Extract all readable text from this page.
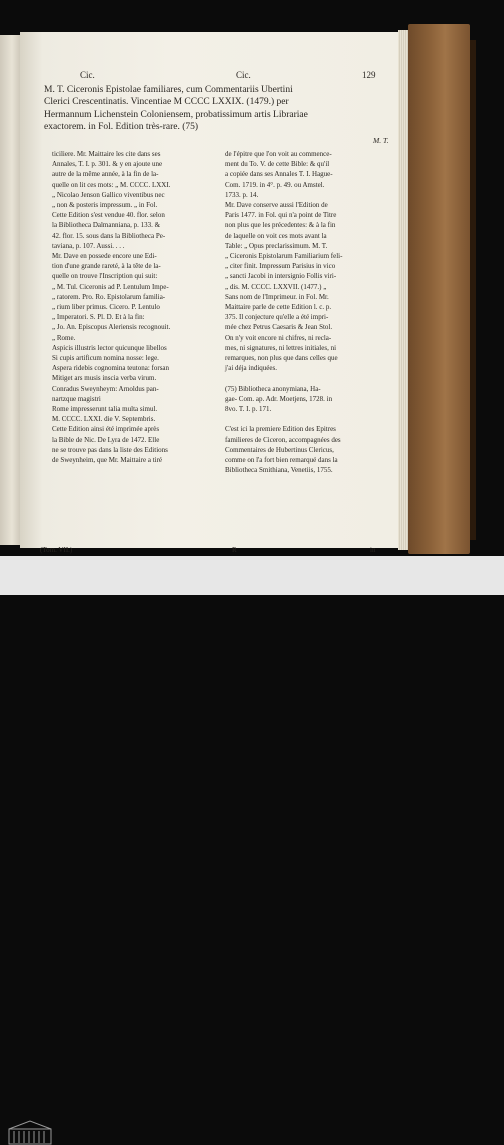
Cic.	Cic.	129
M. T. Ciceronis Epistolae familiares, cum Commentariis Ubertini
Clerici Crescentinatis. Vincentiae M CCCC LXXIX. (1479.) per
Hermannum Lichenstein Coloniensem, probatissimum artis Librariae
exactorem. in Fol. Edition très-rare. (75)
M. T.
ticiliere. Mr. Maittaire les cite dans ses
Annales, T. I. p. 301. & y en ajoute une
autre de la même année, à la fin de la-
quelle on lit ces mots: „ M. CCCC. LXXI.
„ Nicolao Jenson Gallico viventibus nec
„ non & posteris impressum. „ in Fol.
Cette Edition s'est vendue 40. flor. selon
la Bibliotheca Dalmanniana, p. 133. &
42. flor. 15. sous dans la Bibliotheca Pe-
taviana, p. 107. Aussi. . . .
Mr. Dave en possede encore une Edi-
tion d'une grande rareté, à la tête de la-
quelle on trouve l'Inscription qui suit:
„ M. Tul. Ciceronis ad P. Lentulum Impe-
„ ratorem. Pro. Ro. Epistolarum familia-
„ rium liber primus. Cicero. P. Lentulo
„ Imperatori. S. Pl. D. Et à la fin:
„ Jo. An. Episcopus Aleriensis recognouit.
„ Rome.
Aspicis illustris lector quicunque libellos
Si cupis artificum nomina nosse: lege.
Aspera ridebis cognomina teutona: forsan
Mitiget ars musis inscia verba virum.
Conradus Sweynheym: Arnoldus pan-
nartzque magistri
Rome impresserunt talia multa simul.
M. CCCC. LXXI. die V. Septembris.
Cette Edition ainsi été imprimée après
la Bible de Nic. De Lyra de 1472. Elle
ne se trouve pas dans la liste des Editions
de Sweynheim, que Mr. Maittaire a tiré
de l'épitre que l'on voit au commence-
ment du To. V. de cette Bible: & qu'il
a copiée dans ses Annales T. I. Hague-
Com. 1719. in 4°. p. 49. ou Amstel.
1733. p. 14.
Mr. Dave conserve aussi l'Edition de
Paris 1477. in Fol. qui n'a point de Titre
non plus que les précedentes: & à la fin
de laquelle on voit ces mots avant la
Table: „ Opus preclarissimum. M. T.
„ Ciceronis Epistolarum Familiarium feli-
„ citer finit. Impressum Parisius in vico
„ sancti Jacobi in intersignio Follis viri-
„ dis. M. CCCC. LXXVII. (1477.) „
Sans nom de l'Imprimeur. in Fol. Mr.
Maittaire parle de cette Edition l. c. p.
375. Il conjecture qu'elle a été impri-
mée chez Petrus Caesaris & Jean Stol.
On n'y voit encore ni chifres, ni recla-
mes, ni signatures, ni lettres initiales, ni
remarques, non plus que dans celles que
j'ai déja indiquées.

(75) Bibliotheca anonymiana, Ha-
gae- Com. ap. Adr. Moetjens, 1728. in
8vo. T. I. p. 171.

C'est ici la premiere Edition des Epitres
familieres de Ciceron, accompagnées des
Commentaires de Hubertinus Clericus,
comme on l'a fort bien remarqué dans la
Bibliotheca Smithiana, Venetiis, 1755.
(Tom. VII.)	R	in
